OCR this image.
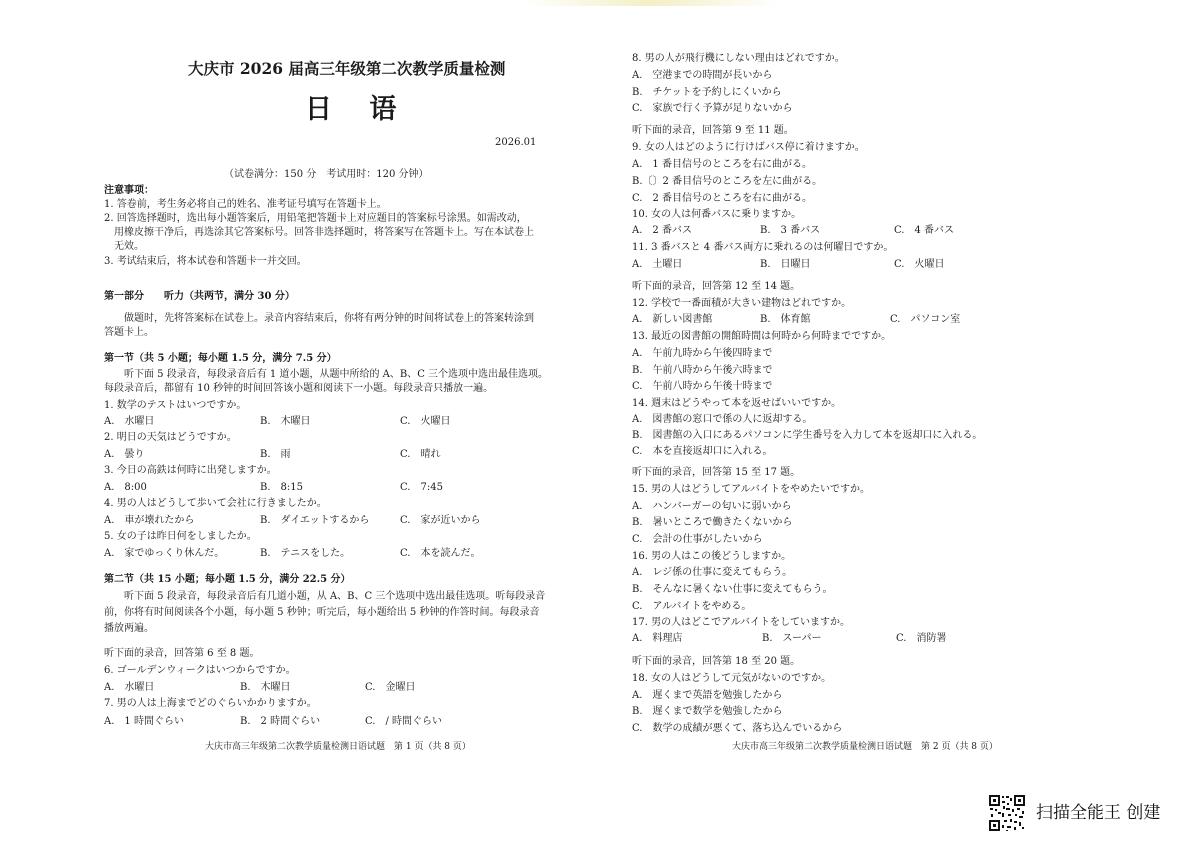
大庆市 2026 届高三年级第二次教学质量检测
日 语
2026.01
（试卷满分：150 分　考试用时：120 分钟）
注意事项：
1. 答卷前，考生务必将自己的姓名、准考证号填写在答题卡上。
2. 回答选择题时，选出每小题答案后，用铅笔把答题卡上对应题目的答案标号涂黑。如需改动，
　用橡皮擦干净后，再选涂其它答案标号。回答非选择题时，将答案写在答题卡上。写在本试卷上
　无效。
3. 考试结束后，将本试卷和答题卡一并交回。
第一部分　　听力（共两节，满分 30 分）
　　做题时，先将答案标在试卷上。录音内容结束后，你将有两分钟的时间将试卷上的答案转涂到
答题卡上。
第一节（共 5 小题；每小题 1.5 分，满分 7.5 分）
　　听下面 5 段录音，每段录音后有 1 道小题，从题中所给的 A、B、C 三个选项中选出最佳选项。
每段录音后，都留有 10 秒钟的时间回答该小题和阅读下一小题。每段录音只播放一遍。
1. 数学のテストはいつですか。
A.　水曜日	B.　木曜日	C.　火曜日
2. 明日の天気はどうですか。
A.　曇り	B.　雨	C.　晴れ
3. 今日の高鉄は何時に出発しますか。
A.　8:00	B.　8:15	C.　7:45
4. 男の人はどうして歩いて会社に行きましたか。
A.　車が壊れたから	B.　ダイエットするから	C.　家が近いから
5. 女の子は昨日何をしましたか。
A.　家でゆっくり休んだ。	B.　テニスをした。	C.　本を読んだ。
第二节（共 15 小题；每小题 1.5 分，满分 22.5 分）
　　听下面 5 段录音，每段录音后有几道小题，从 A、B、C 三个选项中选出最佳选项。听每段录音
前，你将有时间阅读各个小题，每小题 5 秒钟；听完后，每小题给出 5 秒钟的作答时间。每段录音
播放两遍。
听下面的录音，回答第 6 至 8 题。
6. ゴールデンウィークはいつからですか。
A.　水曜日	B.　木曜日	C.　金曜日
7. 男の人は上海までどのぐらいかかりますか。
A.　1 時間ぐらい	B.　2 時間ぐらい	C.　/ 時間ぐらい
大庆市高三年级第二次教学质量检测日语试题　第 1 页（共 8 页）
8. 男の人が飛行機にしない理由はどれですか。
A.　空港までの時間が長いから
B.　チケットを予約しにくいから
C.　家族で行く予算が足りないから
听下面的录音，回答第 9 至 11 题。
9. 女の人はどのように行けばバス停に着けますか。
A.　1 番目信号のところを右に曲がる。
B.〔〕2 番目信号のところを左に曲がる。
C.　2 番目信号のところを右に曲がる。
10. 女の人は何番バスに乗りますか。
A.　2 番バス	B.　3 番バス	C.　4 番バス
11. 3 番バスと 4 番バス両方に乗れるのは何曜日ですか。
A.　土曜日	B.　日曜日	C.　火曜日
听下面的录音，回答第 12 至 14 题。
12. 学校で一番面積が大きい建物はどれですか。
A.　新しい図書館	B.　体育館	C.　パソコン室
13. 最近の図書館の開館時間は何時から何時までですか。
A.　午前九時から午後四時まで
B.　午前八時から午後六時まで
C.　午前八時から午後十時まで
14. 週末はどうやって本を返せばいいですか。
A.　図書館の窓口で係の人に返却する。
B.　図書館の入口にあるパソコンに学生番号を入力して本を返却口に入れる。
C.　本を直接返却口に入れる。
听下面的录音，回答第 15 至 17 题。
15. 男の人はどうしてアルバイトをやめたいですか。
A.　ハンバーガーの匂いに弱いから
B.　暑いところで働きたくないから
C.　会計の仕事がしたいから
16. 男の人はこの後どうしますか。
A.　レジ係の仕事に変えてもらう。
B.　そんなに暑くない仕事に変えてもらう。
C.　アルバイトをやめる。
17. 男の人はどこでアルバイトをしていますか。
A.　料理店	B.　スーパー	C.　消防署
听下面的录音，回答第 18 至 20 题。
18. 女の人はどうして元気がないのですか。
A.　遅くまで英語を勉強したから
B.　遅くまで数学を勉強したから
C.　数学の成績が悪くて、落ち込んでいるから
大庆市高三年级第二次教学质量检测日语试题　第 2 页（共 8 页）
扫描全能王 创建
